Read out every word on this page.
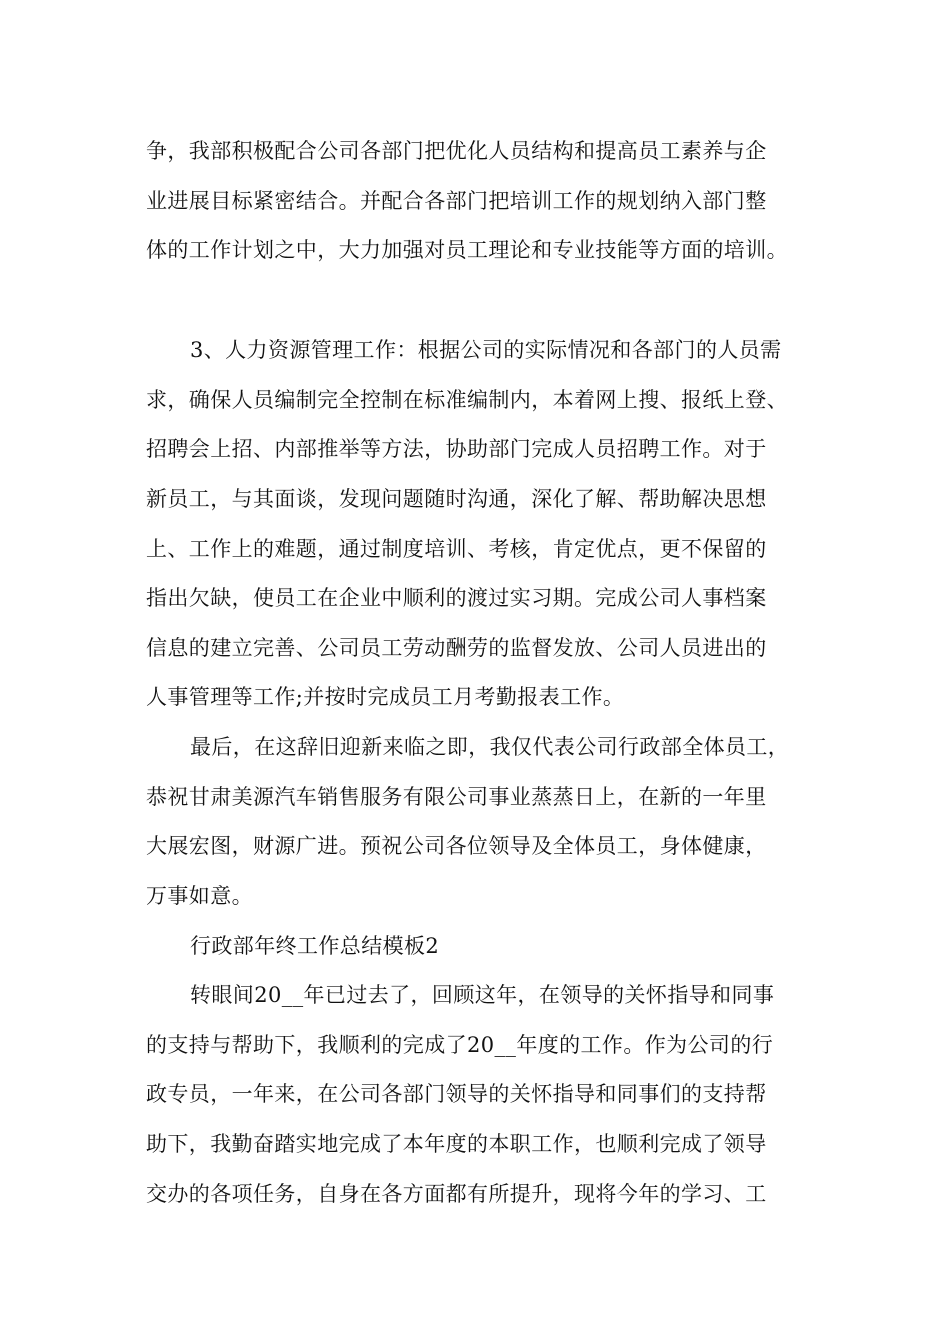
争，我部积极配合公司各部门把优化人员结构和提高员工素养与企
业进展目标紧密结合。并配合各部门把培训工作的规划纳入部门整
体的工作计划之中，大力加强对员工理论和专业技能等方面的培训。
3、人力资源管理工作：根据公司的实际情况和各部门的人员需
求，确保人员编制完全控制在标准编制内，本着网上搜、报纸上登、
招聘会上招、内部推举等方法，协助部门完成人员招聘工作。对于
新员工，与其面谈，发现问题随时沟通，深化了解、帮助解决思想
上、工作上的难题，通过制度培训、考核，肯定优点，更不保留的
指出欠缺，使员工在企业中顺利的渡过实习期。完成公司人事档案
信息的建立完善、公司员工劳动酬劳的监督发放、公司人员进出的
人事管理等工作;并按时完成员工月考勤报表工作。
最后，在这辞旧迎新来临之即，我仅代表公司行政部全体员工，
恭祝甘肃美源汽车销售服务有限公司事业蒸蒸日上，在新的一年里
大展宏图，财源广进。预祝公司各位领导及全体员工，身体健康，
万事如意。
行政部年终工作总结模板2
转眼间20__年已过去了，回顾这年，在领导的关怀指导和同事
的支持与帮助下，我顺利的完成了20__年度的工作。作为公司的行
政专员，一年来，在公司各部门领导的关怀指导和同事们的支持帮
助下，我勤奋踏实地完成了本年度的本职工作，也顺利完成了领导
交办的各项任务，自身在各方面都有所提升，现将今年的学习、工
